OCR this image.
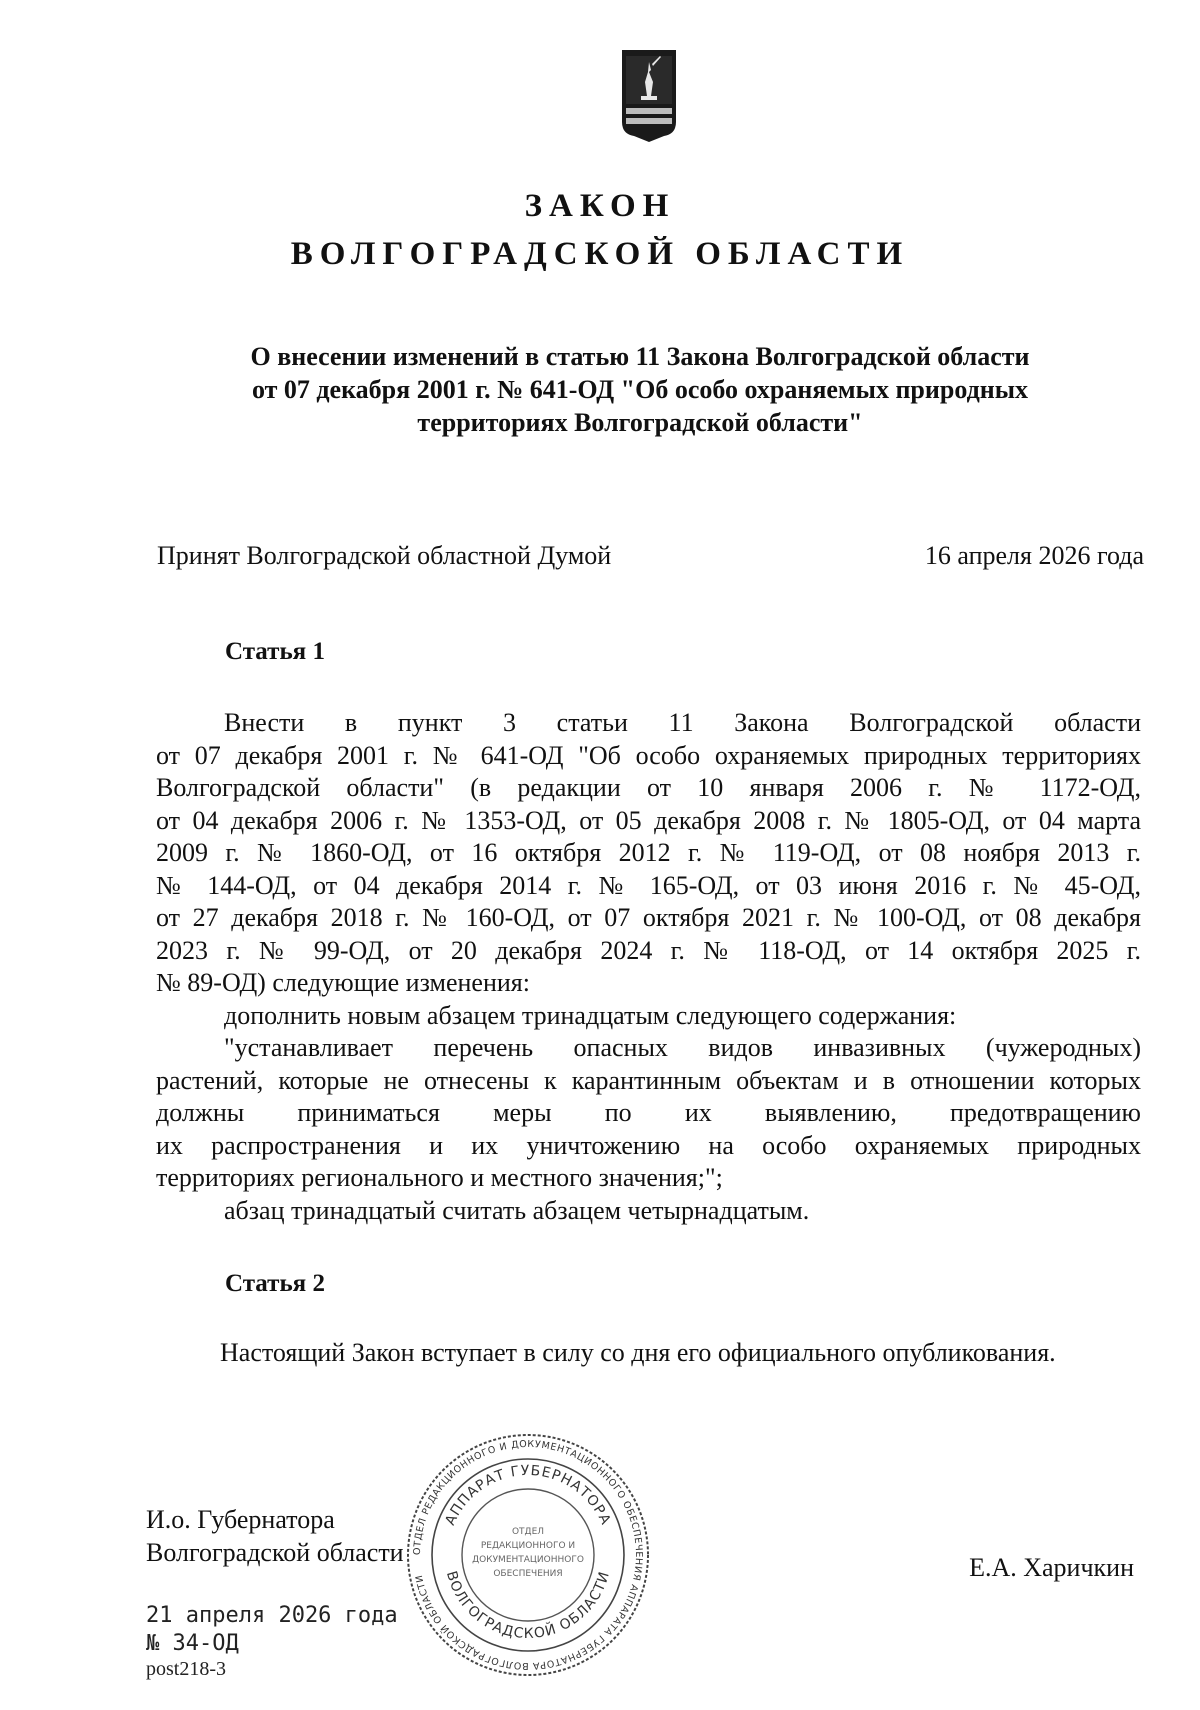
ЗАКОН
ВОЛГОГРАДСКОЙ ОБЛАСТИ
О внесении изменений в статью 11 Закона Волгоградской области
от 07 декабря 2001 г. № 641-ОД "Об особо охраняемых природных
территориях Волгоградской области"
Принят Волгоградской областной Думой	16 апреля 2026 года
Статья 1
Внести в пункт 3 статьи 11 Закона Волгоградской области
от 07 декабря 2001 г. № 641-ОД "Об особо охраняемых природных территориях
Волгоградской области" (в редакции от 10 января 2006 г. № 1172-ОД,
от 04 декабря 2006 г. № 1353-ОД, от 05 декабря 2008 г. № 1805-ОД, от 04 марта
2009 г. № 1860-ОД, от 16 октября 2012 г. № 119-ОД, от 08 ноября 2013 г.
№ 144-ОД, от 04 декабря 2014 г. № 165-ОД, от 03 июня 2016 г. № 45-ОД,
от 27 декабря 2018 г. № 160-ОД, от 07 октября 2021 г. № 100-ОД, от 08 декабря
2023 г. № 99-ОД, от 20 декабря 2024 г. № 118-ОД, от 14 октября 2025 г.
№ 89-ОД) следующие изменения:
дополнить новым абзацем тринадцатым следующего содержания:
"устанавливает перечень опасных видов инвазивных (чужеродных)
растений, которые не отнесены к карантинным объектам и в отношении которых
должны приниматься меры по их выявлению, предотвращению
их распространения и их уничтожению на особо охраняемых природных
территориях регионального и местного значения;";
абзац тринадцатый считать абзацем четырнадцатым.
Статья 2
Настоящий Закон вступает в силу со дня его официального опубликования.
И.о. Губернатора
Волгоградской области
Е.А. Харичкин
21 апреля 2026 года
№ 34-ОД
post218-3
ОТДЕЛ РЕДАКЦИОННОГО И ДОКУМЕНТАЦИОННОГО ОБЕСПЕЧЕНИЯ АППАРАТА ГУБЕРНАТОРА ВОЛГОГРАДСКОЙ ОБЛАСТИ
АППАРАТ ГУБЕРНАТОРА
ВОЛГОГРАДСКОЙ ОБЛАСТИ
ОТДЕЛ
РЕДАКЦИОННОГО И
ДОКУМЕНТАЦИОННОГО
ОБЕСПЕЧЕНИЯ
